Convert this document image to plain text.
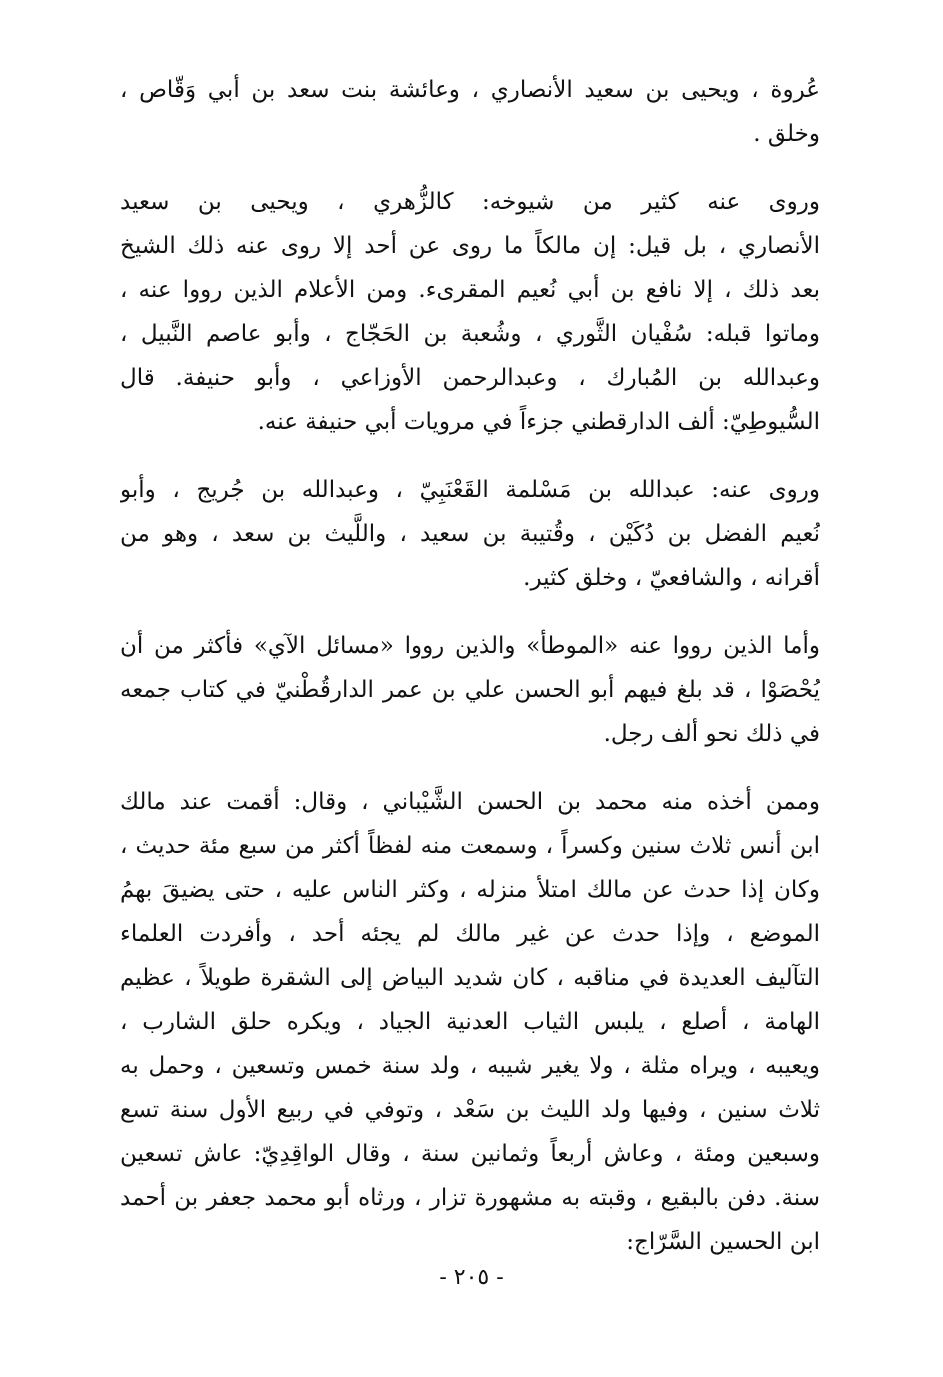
عُروة ، ويحيى بن سعيد الأنصاري ، وعائشة بنت سعد بن أبي وَقّاص ،
وخلق .
وروى عنه كثير من شيوخه: كالزُّهري ، ويحيى بن سعيد
الأنصاري ، بل قيل: إن مالكاً ما روى عن أحد إلا روى عنه ذلك الشيخ
بعد ذلك ، إلا نافع بن أبي نُعيم المقرىء. ومن الأعلام الذين رووا عنه ،
وماتوا قبله: سُفْيان الثَّوري ، وشُعبة بن الحَجّاج ، وأبو عاصم النَّبيل ،
وعبدالله بن المُبارك ، وعبدالرحمن الأوزاعي ، وأبو حنيفة. قال
السُّيوطِيّ: ألف الدارقطني جزءاً في مرويات أبي حنيفة عنه.
وروى عنه: عبدالله بن مَسْلمة القَعْنَبِيّ ، وعبدالله بن جُريج ، وأبو
نُعيم الفضل بن دُكَيْن ، وقُتيبة بن سعيد ، واللَّيث بن سعد ، وهو من
أقرانه ، والشافعيّ ، وخلق كثير.
وأما الذين رووا عنه «الموطأ» والذين رووا «مسائل الآي» فأكثر من أن
يُحْصَوْا ، قد بلغ فيهم أبو الحسن علي بن عمر الدارقُطْنيّ في كتاب جمعه
في ذلك نحو ألف رجل.
وممن أخذه منه محمد بن الحسن الشَّيْباني ، وقال: أقمت عند مالك
ابن أنس ثلاث سنين وكسراً ، وسمعت منه لفظاً أكثر من سبع مئة حديث ،
وكان إذا حدث عن مالك امتلأ منزله ، وكثر الناس عليه ، حتى يضيقَ بهمُ
الموضع ، وإذا حدث عن غير مالك لم يجئه أحد ، وأفردت العلماء
التآليف العديدة في مناقبه ، كان شديد البياض إلى الشقرة طويلاً ، عظيم
الهامة ، أصلع ، يلبس الثياب العدنية الجياد ، ويكره حلق الشارب ،
ويعيبه ، ويراه مثلة ، ولا يغير شيبه ، ولد سنة خمس وتسعين ، وحمل به
ثلاث سنين ، وفيها ولد الليث بن سَعْد ، وتوفي في ربيع الأول سنة تسع
وسبعين ومئة ، وعاش أربعاً وثمانين سنة ، وقال الواقِدِيّ: عاش تسعين
سنة. دفن بالبقيع ، وقبته به مشهورة تزار ، ورثاه أبو محمد جعفر بن أحمد
ابن الحسين السَّرّاج:
- ٢٠٥ -
